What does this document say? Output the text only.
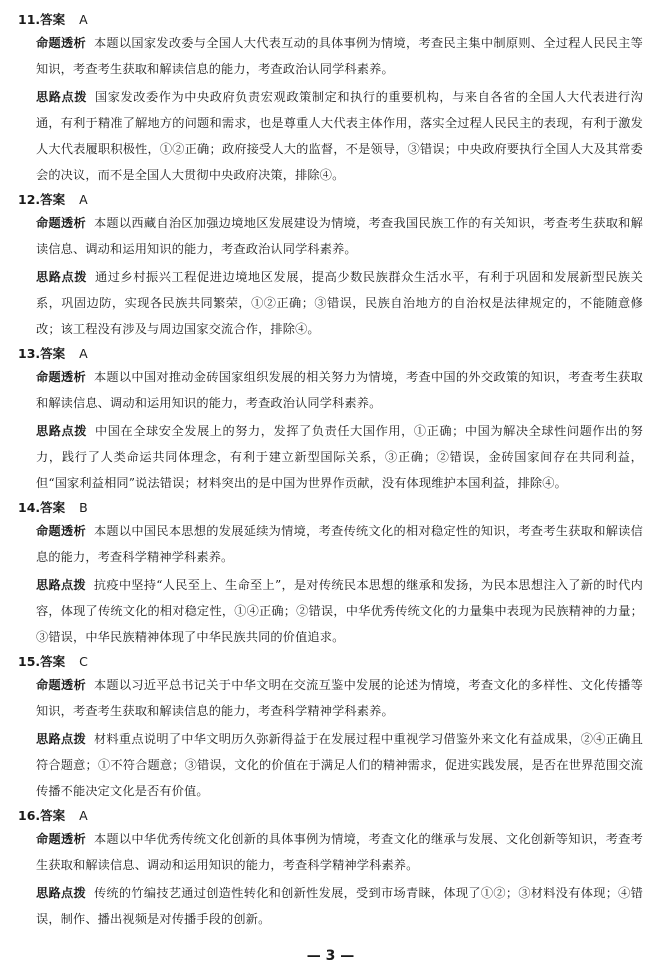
11.答案 A

命题透析 本题以国家发改委与全国人大代表互动的具体事例为情境，考查民主集中制原则、全过程人民民主等知识，考查考生获取和解读信息的能力，考查政治认同学科素养。

思路点拨 国家发改委作为中央政府负责宏观政策制定和执行的重要机构，与来自各省的全国人大代表进行沟通，有利于精准了解地方的问题和需求，也是尊重人大代表主体作用，落实全过程人民民主的表现，有利于激发人大代表履职积极性，①②正确；政府接受人大的监督，不是领导，③错误；中央政府要执行全国人大及其常委会的决议，而不是全国人大贯彻中央政府决策，排除④。

12.答案 A

命题透析 本题以西藏自治区加强边境地区发展建设为情境，考查我国民族工作的有关知识，考查考生获取和解读信息、调动和运用知识的能力，考查政治认同学科素养。

思路点拨 通过乡村振兴工程促进边境地区发展，提高少数民族群众生活水平，有利于巩固和发展新型民族关系，巩固边防，实现各民族共同繁荣，①②正确；③错误，民族自治地方的自治权是法律规定的，不能随意修改；该工程没有涉及与周边国家交流合作，排除④。

13.答案 A

命题透析 本题以中国对推动金砖国家组织发展的相关努力为情境，考查中国的外交政策的知识，考查考生获取和解读信息、调动和运用知识的能力，考查政治认同学科素养。

思路点拨 中国在全球安全发展上的努力，发挥了负责任大国作用，①正确；中国为解决全球性问题作出的努力，践行了人类命运共同体理念，有利于建立新型国际关系，③正确；②错误，金砖国家间存在共同利益，但“国家利益相同”说法错误；材料突出的是中国为世界作贡献，没有体现维护本国利益，排除④。

14.答案 B

命题透析 本题以中国民本思想的发展延续为情境，考查传统文化的相对稳定性的知识，考查考生获取和解读信息的能力，考查科学精神学科素养。

思路点拨 抗疫中坚持“人民至上、生命至上”，是对传统民本思想的继承和发扬，为民本思想注入了新的时代内容，体现了传统文化的相对稳定性，①④正确；②错误，中华优秀传统文化的力量集中表现为民族精神的力量；③错误，中华民族精神体现了中华民族共同的价值追求。

15.答案 C

命题透析 本题以习近平总书记关于中华文明在交流互鉴中发展的论述为情境，考查文化的多样性、文化传播等知识，考查考生获取和解读信息的能力，考查科学精神学科素养。

思路点拨 材料重点说明了中华文明历久弥新得益于在发展过程中重视学习借鉴外来文化有益成果，②④正确且符合题意；①不符合题意；③错误，文化的价值在于满足人们的精神需求，促进实践发展，是否在世界范围交流传播不能决定文化是否有价值。

16.答案 A

命题透析 本题以中华优秀传统文化创新的具体事例为情境，考查文化的继承与发展、文化创新等知识，考查考生获取和解读信息、调动和运用知识的能力，考查科学精神学科素养。

思路点拨 传统的竹编技艺通过创造性转化和创新性发展，受到市场青睐，体现了①②；③材料没有体现；④错误，制作、播出视频是对传播手段的创新。

— 3 —
